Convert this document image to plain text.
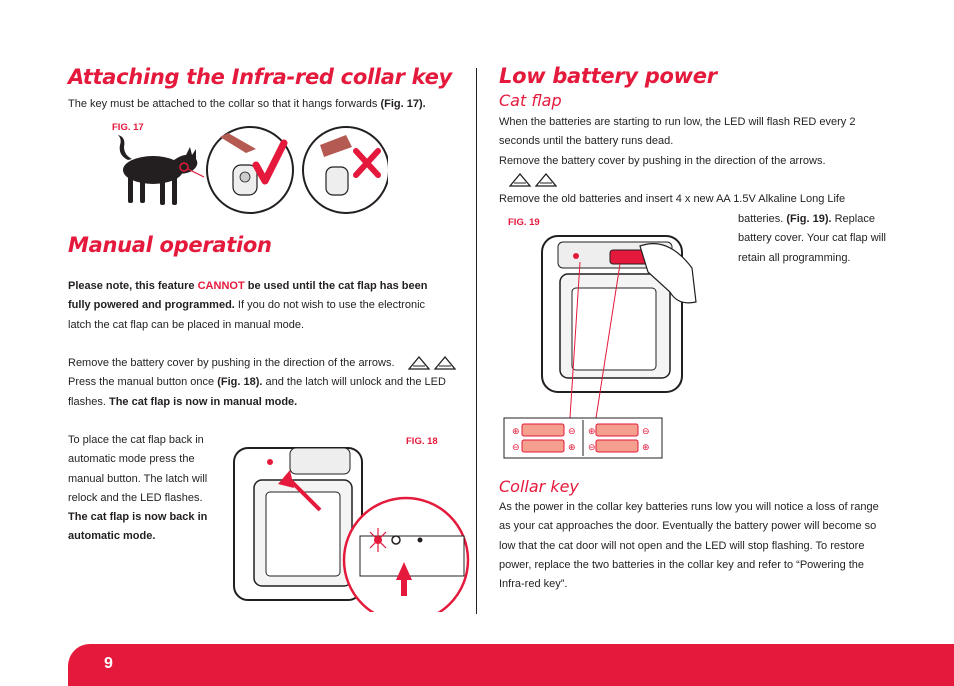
Attaching the Infra-red collar key
The key must be attached to the collar so that it hangs forwards (Fig. 17).
FIG. 17
Manual operation
Please note, this feature CANNOT be used until the cat flap has been fully powered and programmed. If you do not wish to use the electronic latch the cat flap can be placed in manual mode.
Remove the battery cover by pushing in the direction of the arrows.
Press the manual button once (Fig. 18). and the latch will unlock and the LED flashes. The cat flap is now in manual mode.
To place the cat flap back in automatic mode press the manual button. The latch will relock and the LED flashes. The cat flap is now back in automatic mode.
FIG. 18
Low battery power
Cat flap
When the batteries are starting to run low, the LED will flash RED every 2 seconds until the battery runs dead.
Remove the battery cover by pushing in the direction of the arrows.
Remove the old batteries and insert 4 x new AA 1.5V Alkaline Long Life
batteries. (Fig. 19). Replace battery cover. Your cat flap will retain all programming.
FIG. 19
⊕	⊖ ⊕	⊖
⊖	⊕ ⊖	⊕
Collar key
As the power in the collar key batteries runs low you will notice a loss of range as your cat approaches the door. Eventually the battery power will become so low that the cat door will not open and the LED will stop flashing. To restore power, replace the two batteries in the collar key and refer to “Powering the Infra-red key”.
9
